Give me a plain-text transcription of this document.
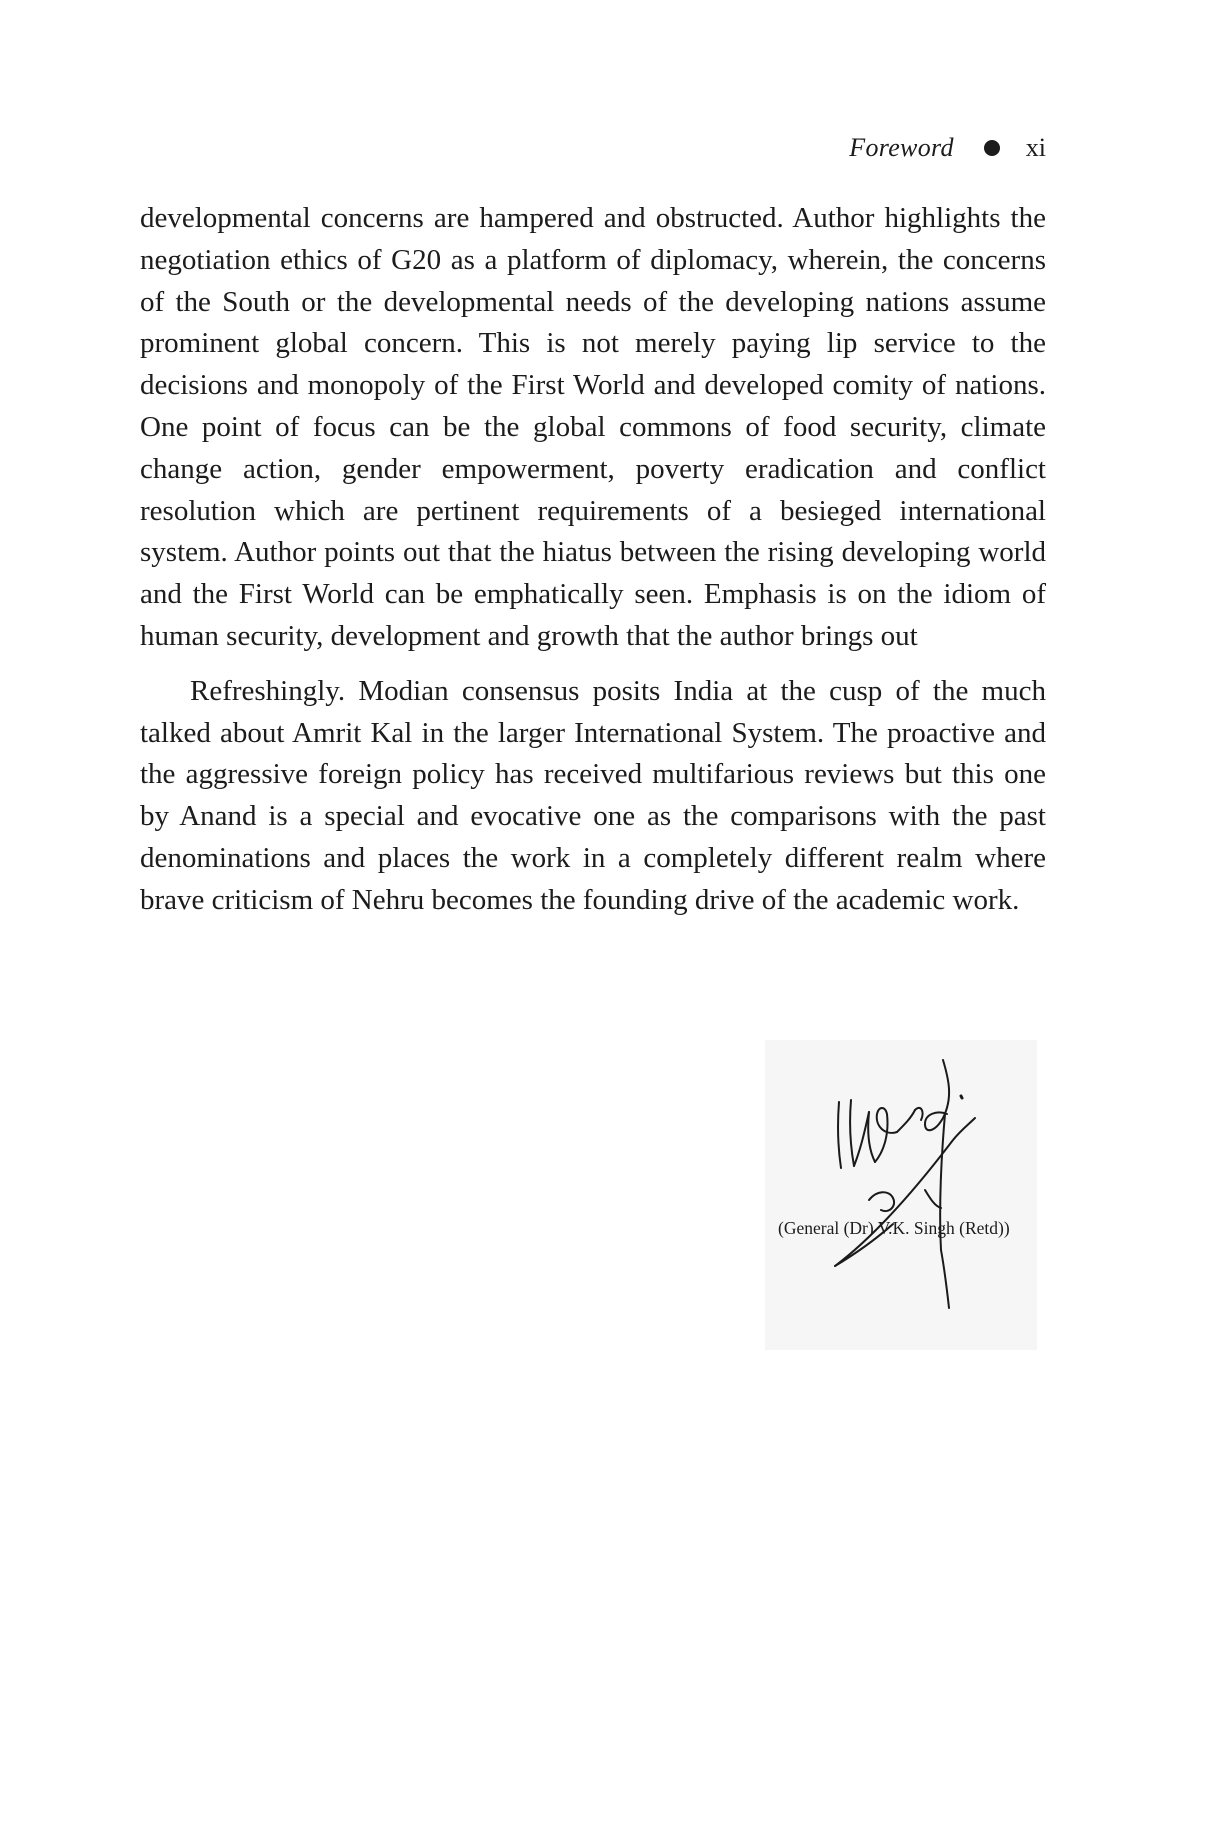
Foreword	xi

developmental concerns are hampered and obstructed. Author highlights the negotiation ethics of G20 as a platform of diplomacy, wherein, the concerns of the South or the developmental needs of the developing nations assume prominent global concern. This is not merely paying lip service to the decisions and monopoly of the First World and developed comity of nations. One point of focus can be the global commons of food security, climate change action, gender empowerment, poverty eradication and conflict resolution which are pertinent requirements of a besieged international system. Author points out that the hiatus between the rising developing world and the First World can be emphatically seen. Emphasis is on the idiom of human security, development and growth that the author brings out

Refreshingly. Modian consensus posits India at the cusp of the much talked about Amrit Kal in the larger International System. The proactive and the aggressive foreign policy has received multifarious reviews but this one by Anand is a special and evocative one as the comparisons with the past denominations and places the work in a completely different realm where brave criticism of Nehru becomes the founding drive of the academic work.

(General (Dr) V.K. Singh (Retd))
